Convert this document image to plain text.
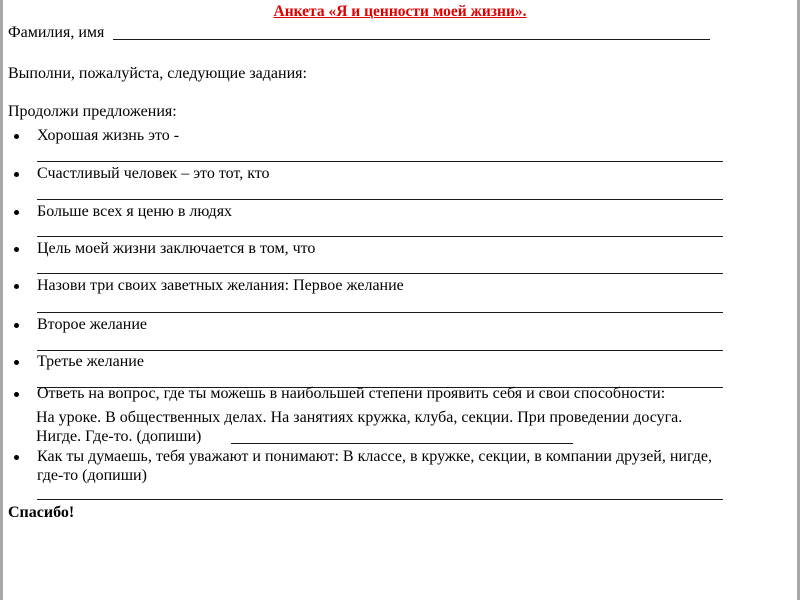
Анкета «Я и ценности моей жизни».
Фамилия, имя
Выполни, пожалуйста, следующие задания:
Продолжи предложения:
Хорошая жизнь это -
Счастливый человек – это тот, кто
Больше всех я ценю в людях
Цель моей жизни заключается в том, что
Назови три своих заветных желания: Первое желание
Второе желание
Третье желание
Ответь на вопрос, где ты можешь в наибольшей степени проявить себя и свои способности:
На уроке. В общественных делах. На занятиях кружка, клуба, секции. При проведении досуга.
Нигде. Где-то. (допиши)
Как ты думаешь, тебя уважают и понимают: В классе, в кружке, секции, в компании друзей, нигде,
где-то (допиши)
Спасибо!
